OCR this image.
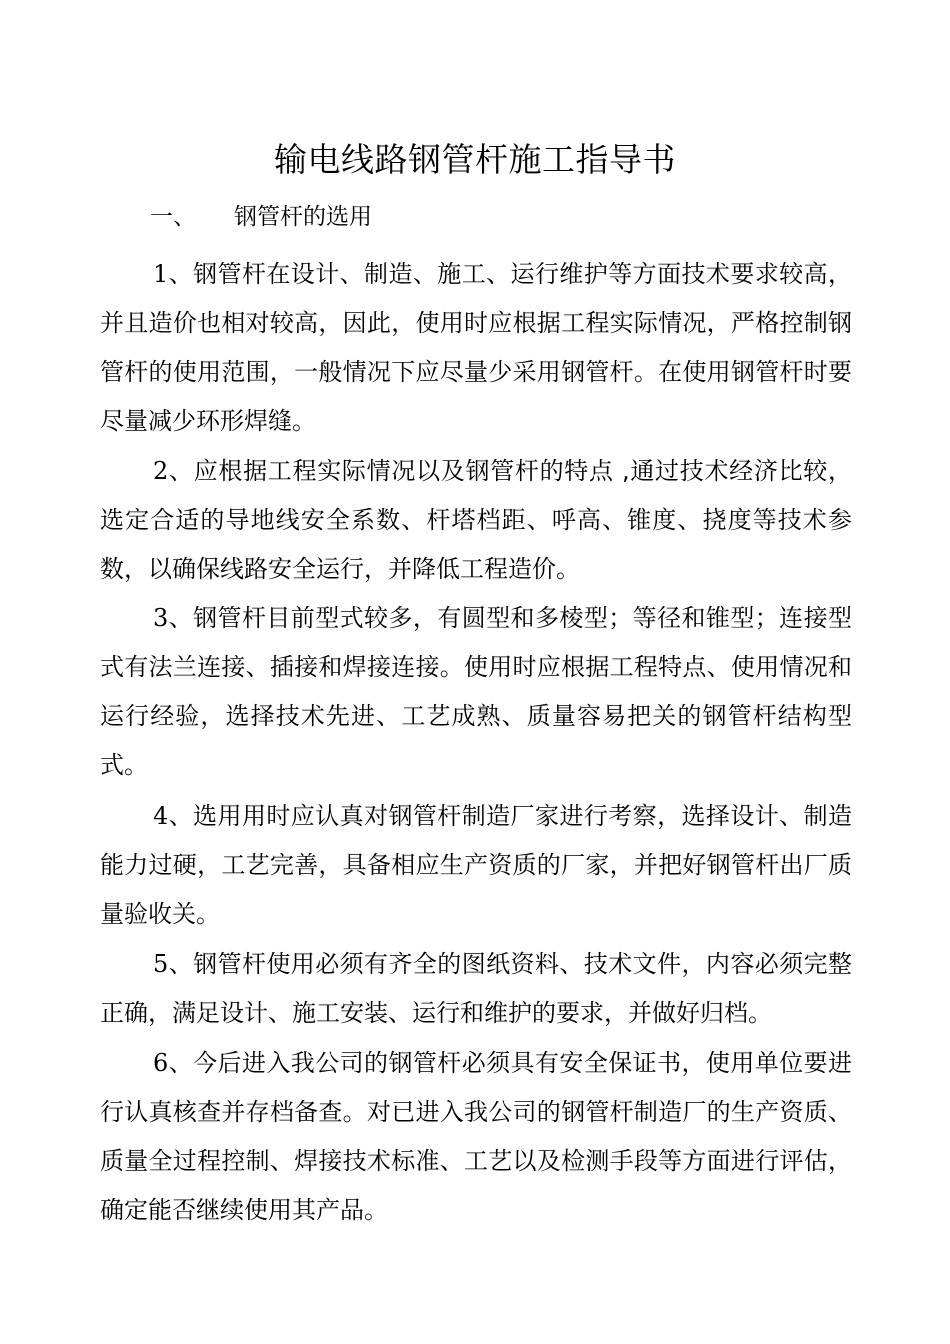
输电线路钢管杆施工指导书
一、 钢管杆的选用

1、钢管杆在设计、制造、施工、运行维护等方面技术要求较高，并且造价也相对较高，因此，使用时应根据工程实际情况，严格控制钢管杆的使用范围，一般情况下应尽量少采用钢管杆。在使用钢管杆时要尽量减少环形焊缝。

2、应根据工程实际情况以及钢管杆的特点 ,通过技术经济比较，选定合适的导地线安全系数、杆塔档距、呼高、锥度、挠度等技术参数，以确保线路安全运行，并降低工程造价。

3、钢管杆目前型式较多，有圆型和多棱型；等径和锥型；连接型式有法兰连接、插接和焊接连接。使用时应根据工程特点、使用情况和运行经验，选择技术先进、工艺成熟、质量容易把关的钢管杆结构型式。

4、选用用时应认真对钢管杆制造厂家进行考察，选择设计、制造能力过硬，工艺完善，具备相应生产资质的厂家，并把好钢管杆出厂质量验收关。

5、钢管杆使用必须有齐全的图纸资料、技术文件，内容必须完整正确，满足设计、施工安装、运行和维护的要求，并做好归档。

6、今后进入我公司的钢管杆必须具有安全保证书，使用单位要进行认真核查并存档备查。对已进入我公司的钢管杆制造厂的生产资质、质量全过程控制、焊接技术标准、工艺以及检测手段等方面进行评估，确定能否继续使用其产品。
